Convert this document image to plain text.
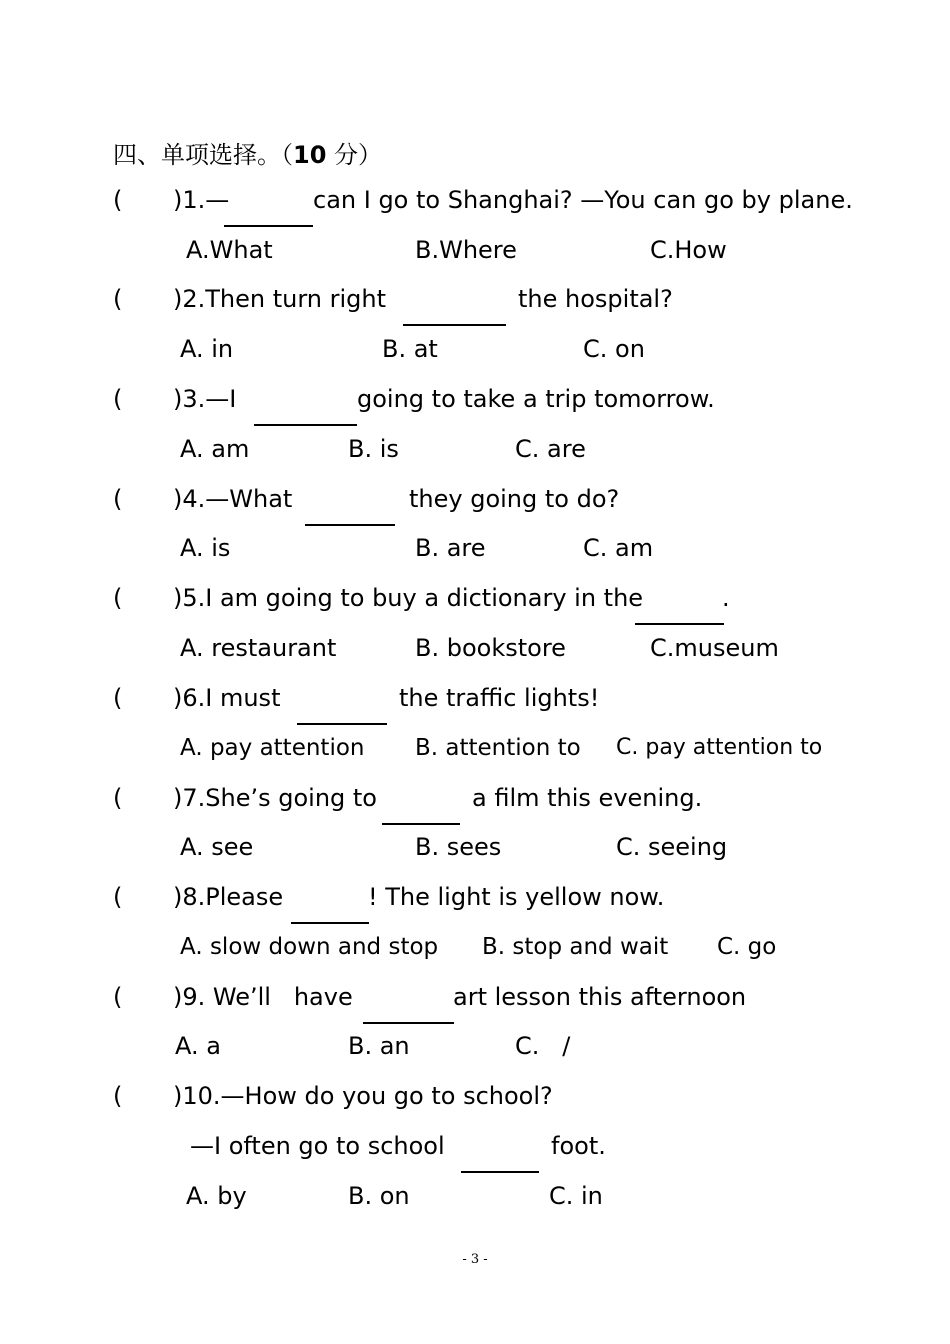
四、单项选择。（10 分）
( )1.—	can I go to Shanghai? —You can go by plane.
A.What	B.Where	C.How
( )2.Then turn right	the hospital?
A. in	B. at	C. on
( )3.—I	going to take a trip tomorrow.
A. am	B. is	C. are
( )4.—What	they going to do?
A. is	B. are	C. am
( )5.I am going to buy a dictionary in the	.
A. restaurant	B. bookstore	C.museum
( )6.I must	the traffic lights!
A. pay attention B. attention to C. pay attention to
( )7.She’s going to	a film this evening.
A. see	B. sees	C. seeing
( )8.Please	! The light is yellow now.
A. slow down and stop B. stop and wait C. go
( )9. We’ll   have	art lesson this afternoon
A. a	B. an	C.   /
( )10.—How do you go to school?
—I often go to school	foot.
A. by	B. on	C. in
- 3 -
